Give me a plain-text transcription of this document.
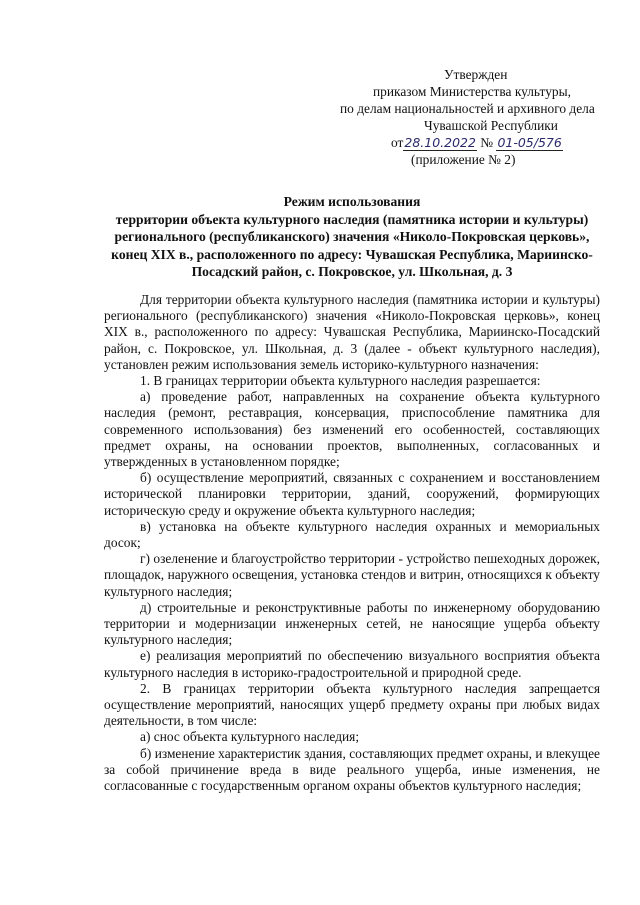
Утвержден
приказом Министерства культуры,
по делам национальностей и архивного дела
Чувашской Республики
от28.10.2022 № 01-05/576
(приложение № 2)
Режим использования
территории объекта культурного наследия (памятника истории и культуры)
регионального (республиканского) значения «Николо-Покровская церковь»,
конец XIX в., расположенного по адресу: Чувашская Республика, Мариинско-
Посадский район, с. Покровское, ул. Школьная, д. 3

Для территории объекта культурного наследия (памятника истории и культуры) регионального (республиканского) значения «Николо-Покровская церковь», конец XIX в., расположенного по адресу: Чувашская Республика, Мариинско-Посадский район, с. Покровское, ул. Школьная, д. 3 (далее - объект культурного наследия), установлен режим использования земель историко-культурного назначения:

1. В границах территории объекта культурного наследия разрешается:

а) проведение работ, направленных на сохранение объекта культурного наследия (ремонт, реставрация, консервация, приспособление памятника для современного использования) без изменений его особенностей, составляющих предмет охраны, на основании проектов, выполненных, согласованных и утвержденных в установленном порядке;

б) осуществление мероприятий, связанных с сохранением и восстановлением исторической планировки территории, зданий, сооружений, формирующих историческую среду и окружение объекта культурного наследия;

в) установка на объекте культурного наследия охранных и мемориальных досок;

г) озеленение и благоустройство территории - устройство пешеходных дорожек, площадок, наружного освещения, установка стендов и витрин, относящихся к объекту культурного наследия;

д) строительные и реконструктивные работы по инженерному оборудованию территории и модернизации инженерных сетей, не наносящие ущерба объекту культурного наследия;

е) реализация мероприятий по обеспечению визуального восприятия объекта культурного наследия в историко-градостроительной и природной среде.

2. В границах территории объекта культурного наследия запрещается осуществление мероприятий, наносящих ущерб предмету охраны при любых видах деятельности, в том числе:

а) снос объекта культурного наследия;

б) изменение характеристик здания, составляющих предмет охраны, и влекущее за собой причинение вреда в виде реального ущерба, иные изменения, не согласованные с государственным органом охраны объектов культурного наследия;
